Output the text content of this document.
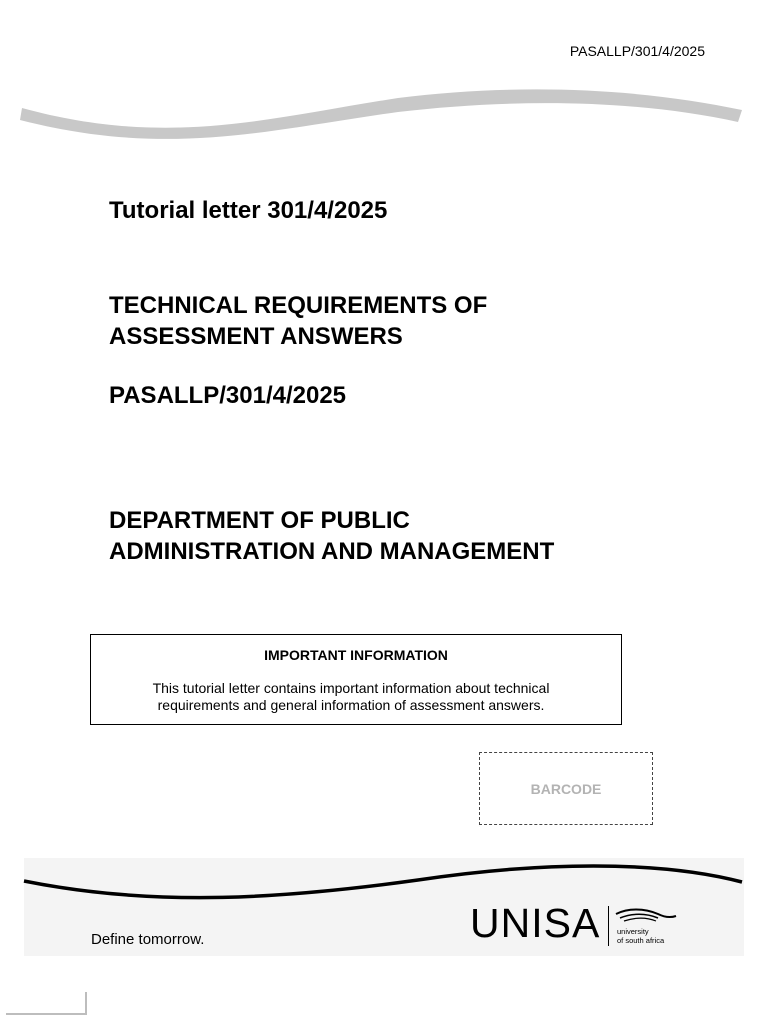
PASALLP/301/4/2025
Tutorial letter 301/4/2025
TECHNICAL REQUIREMENTS OF
ASSESSMENT ANSWERS
PASALLP/301/4/2025
DEPARTMENT OF PUBLIC
ADMINISTRATION AND MANAGEMENT
IMPORTANT INFORMATION
This tutorial letter contains important information about technical
requirements and general information of assessment answers.
BARCODE
Define tomorrow.	UNISA university
of south africa
